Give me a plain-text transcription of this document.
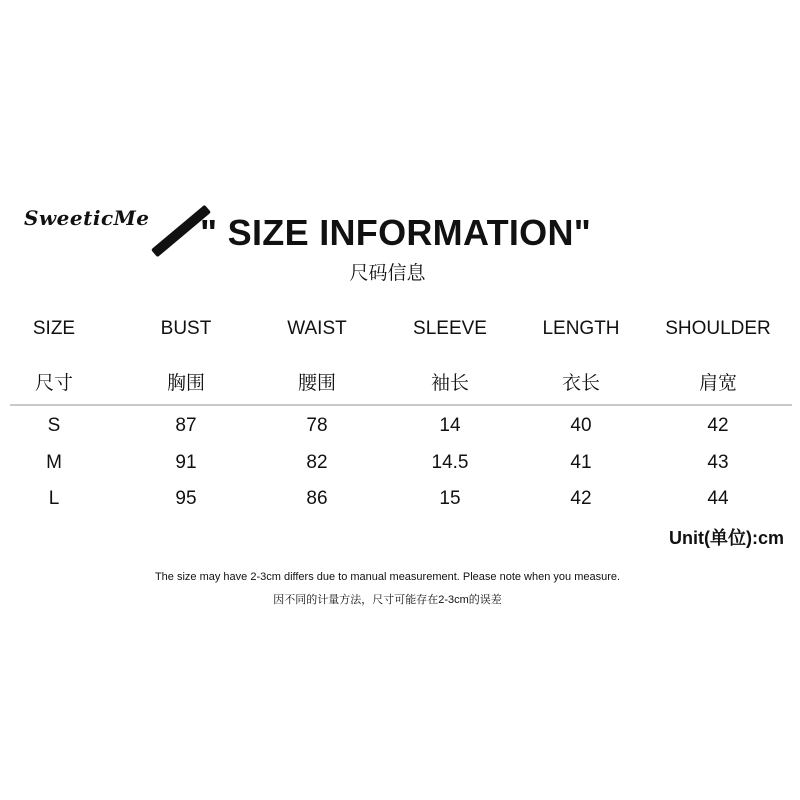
SweeticMe " SIZE INFORMATION"
尺码信息
SIZE	BUST	WAIST	SLEEVE	LENGTH	SHOULDER
尺寸	胸围	腰围	袖长	衣长	肩宽
S	87	78	14	40	42
M	91	82	14.5	41	43
L	95	86	15	42	44
Unit(单位):cm
The size may have 2-3cm differs due to manual measurement. Please note when you measure.
因不同的计量方法，尺寸可能存在2-3cm的误差
